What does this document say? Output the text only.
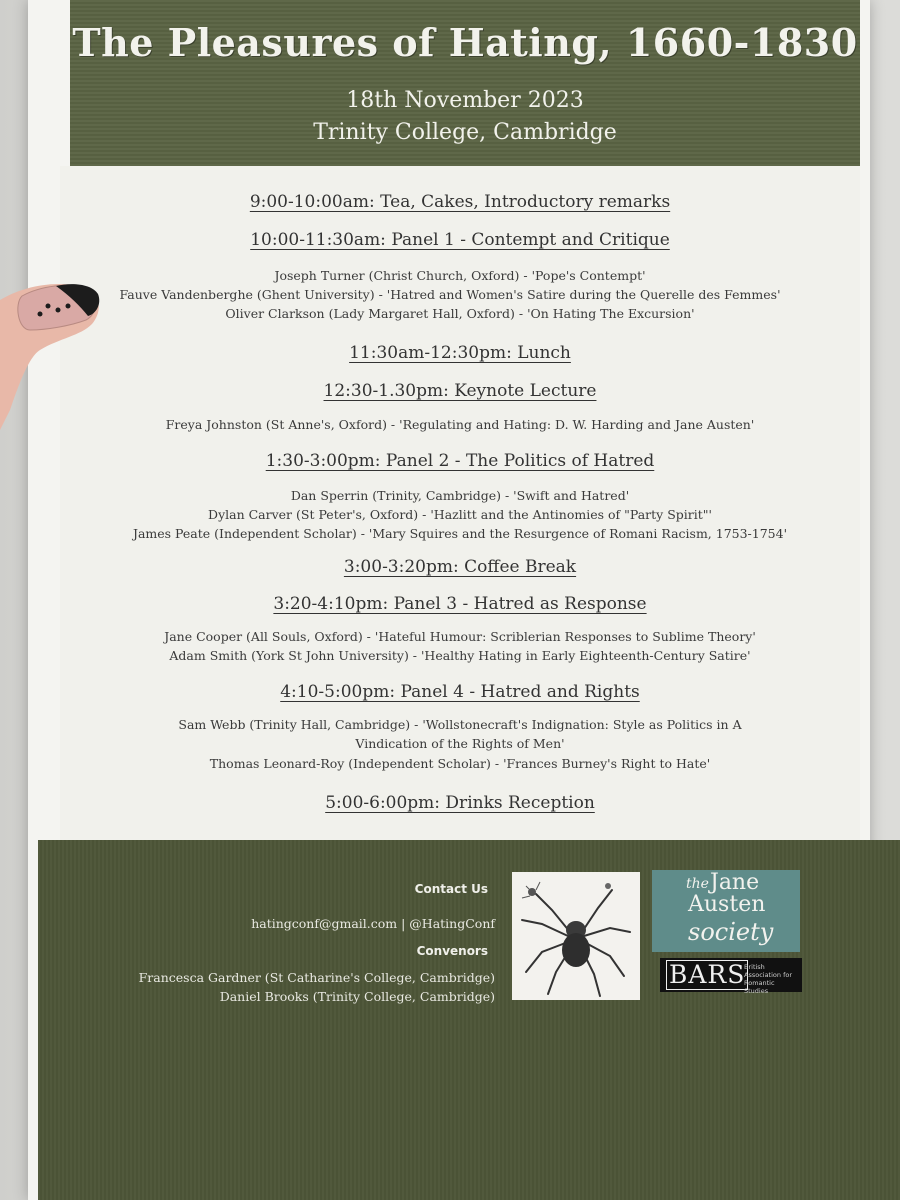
The Pleasures of Hating, 1660-1830
18th November 2023
Trinity College, Cambridge
9:00-10:00am: Tea, Cakes, Introductory remarks
10:00-11:30am: Panel 1 - Contempt and Critique
Joseph Turner (Christ Church, Oxford) - 'Pope's Contempt'
Fauve Vandenberghe (Ghent University) - 'Hatred and Women's Satire during the Querelle des Femmes'
Oliver Clarkson (Lady Margaret Hall, Oxford) - 'On Hating The Excursion'
11:30am-12:30pm: Lunch
12:30-1.30pm: Keynote Lecture
Freya Johnston (St Anne's, Oxford) - 'Regulating and Hating: D. W. Harding and Jane Austen'
1:30-3:00pm: Panel 2 - The Politics of Hatred
Dan Sperrin (Trinity, Cambridge) - 'Swift and Hatred'
Dylan Carver (St Peter's, Oxford) - 'Hazlitt and the Antinomies of "Party Spirit"'
James Peate (Independent Scholar) - 'Mary Squires and the Resurgence of Romani Racism, 1753-1754'
3:00-3:20pm: Coffee Break
3:20-4:10pm: Panel 3 - Hatred as Response
Jane Cooper (All Souls, Oxford) - 'Hateful Humour: Scriblerian Responses to Sublime Theory'
Adam Smith (York St John University) - 'Healthy Hating in Early Eighteenth-Century Satire'
4:10-5:00pm: Panel 4 - Hatred and Rights
Sam Webb (Trinity Hall, Cambridge) - 'Wollstonecraft's Indignation: Style as Politics in A
Vindication of the Rights of Men'
Thomas Leonard-Roy (Independent Scholar) - 'Frances Burney's Right to Hate'
5:00-6:00pm: Drinks Reception
Contact Us
hatingconf@gmail.com | @HatingConf
Convenors
Francesca Gardner (St Catharine's College, Cambridge)
Daniel Brooks (Trinity College, Cambridge)
the Jane
Austen
society
BARS
British Association for Romantic Studies
